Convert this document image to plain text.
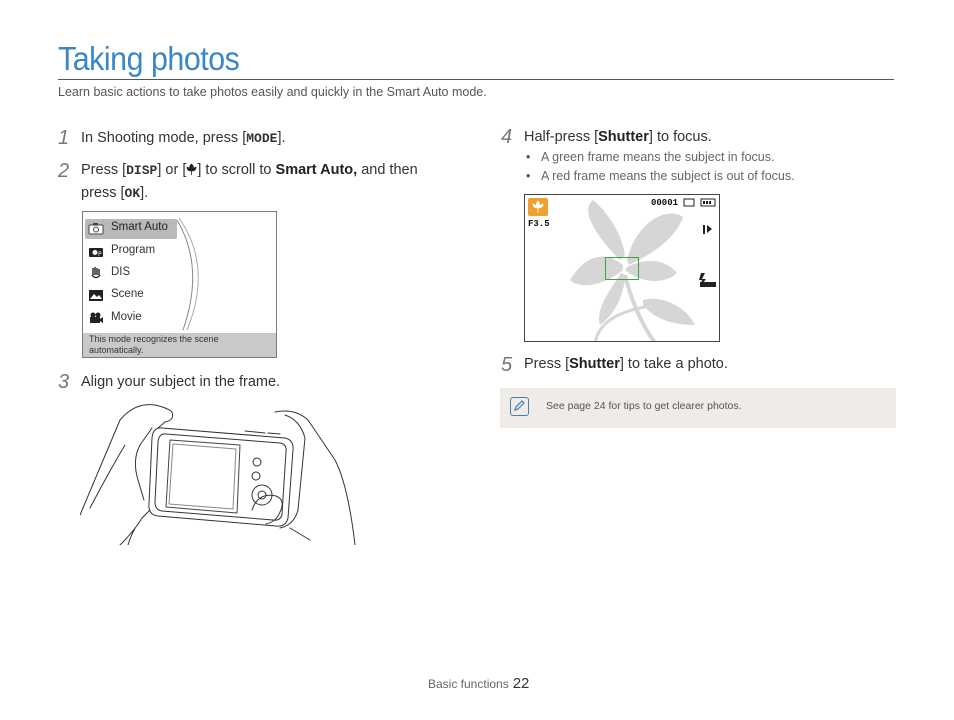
Taking photos
Learn basic actions to take photos easily and quickly in the Smart Auto mode.
1 In Shooting mode, press [MODE].
2 Press [DISP] or [ ] to scroll to Smart Auto, and then
press [OK].
Smart Auto
P Program
DIS
Scene
Movie
This mode recognizes the scene automatically.
3 Align your subject in the frame.
4 Half-press [Shutter] to focus.
• A green frame means the subject in focus.
• A red frame means the subject is out of focus.
00001
F3.5
5 Press [Shutter] to take a photo.
See page 24 for tips to get clearer photos.
Basic functions 22
